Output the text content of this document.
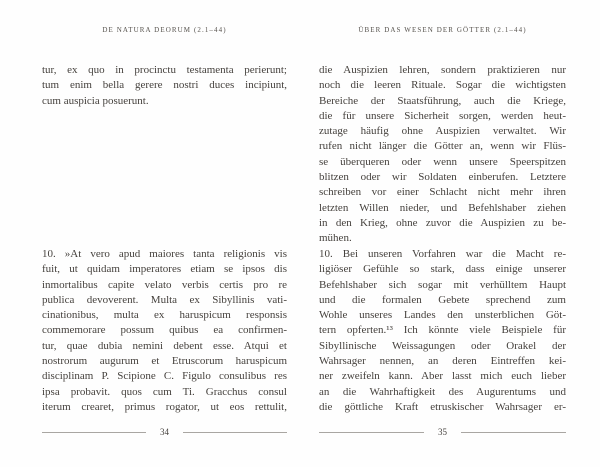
DE NATURA DEORUM (2.1–44)
tur, ex quo in procinctu testamenta perierunt;
tum enim bella gerere nostri duces incipiunt,
cum auspicia posuerunt.
10. »At vero apud maiores tanta religionis vis
fuit, ut quidam imperatores etiam se ipsos dis
inmortalibus capite velato verbis certis pro re
publica devoverent. Multa ex Sibyllinis vati-
cinationibus, multa ex haruspicum responsis
commemorare possum quibus ea confirmen-
tur, quae dubia nemini debent esse. Atqui et
nostrorum augurum et Etruscorum haruspicum
disciplinam P. Scipione C. Figulo consulibus res
ipsa probavit. quos cum Ti. Gracchus consul
iterum crearet, primus rogator, ut eos rettulit,
34
ÜBER DAS WESEN DER GÖTTER (2.1–44)
die Auspizien lehren, sondern praktizieren nur
noch die leeren Rituale. Sogar die wichtigsten
Bereiche der Staatsführung, auch die Kriege,
die für unsere Sicherheit sorgen, werden heut-
zutage häufig ohne Auspizien verwaltet. Wir
rufen nicht länger die Götter an, wenn wir Flüs-
se überqueren oder wenn unsere Speerspitzen
blitzen oder wir Soldaten einberufen. Letztere
schreiben vor einer Schlacht nicht mehr ihren
letzten Willen nieder, und Befehlshaber ziehen
in den Krieg, ohne zuvor die Auspizien zu be-
mühen.
10. Bei unseren Vorfahren war die Macht re-
ligiöser Gefühle so stark, dass einige unserer
Befehlshaber sich sogar mit verhülltem Haupt
und die formalen Gebete sprechend zum
Wohle unseres Landes den unsterblichen Göt-
tern opferten.¹³ Ich könnte viele Beispiele für
Sibyllinische Weissagungen oder Orakel der
Wahrsager nennen, an deren Eintreffen kei-
ner zweifeln kann. Aber lasst mich euch lieber
an die Wahrhaftigkeit des Augurentums und
die göttliche Kraft etruskischer Wahrsager er-
35
